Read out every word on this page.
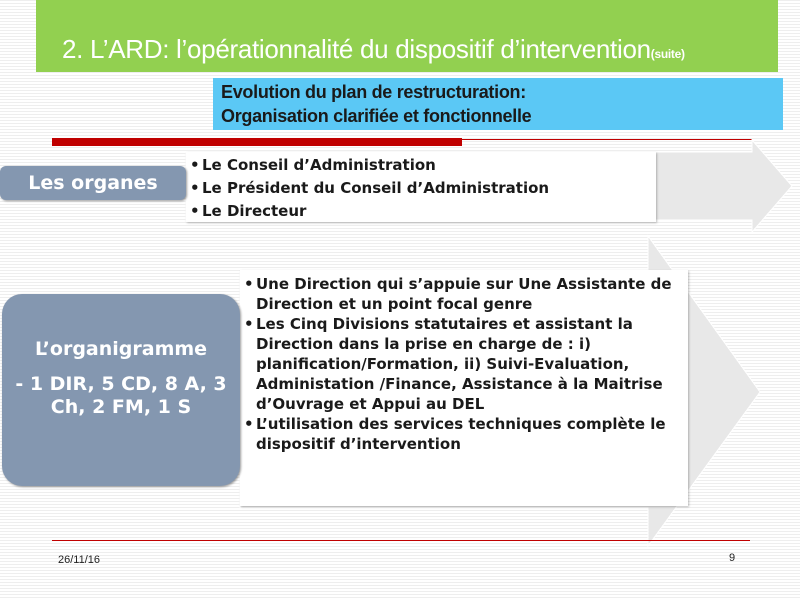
2. L’ARD: l’opérationnalité du dispositif d’intervention(suite)
Evolution du plan de restructuration:
Organisation clarifiée et fonctionnelle
• Le Conseil d’Administration
• Le Président du Conseil d’Administration
• Le Directeur
Les organes
• Une Direction qui s’appuie sur Une Assistante de Direction et un point focal genre
• Les Cinq Divisions statutaires et assistant la Direction dans la prise en charge de : i) planification/Formation, ii) Suivi-Evaluation, Administation /Finance, Assistance à la Maitrise d’Ouvrage et Appui au DEL
• L’utilisation des services techniques complète le dispositif d’intervention
L’organigramme
- 1 DIR, 5 CD, 8 A, 3 Ch, 2 FM, 1 S
26/11/16	9
